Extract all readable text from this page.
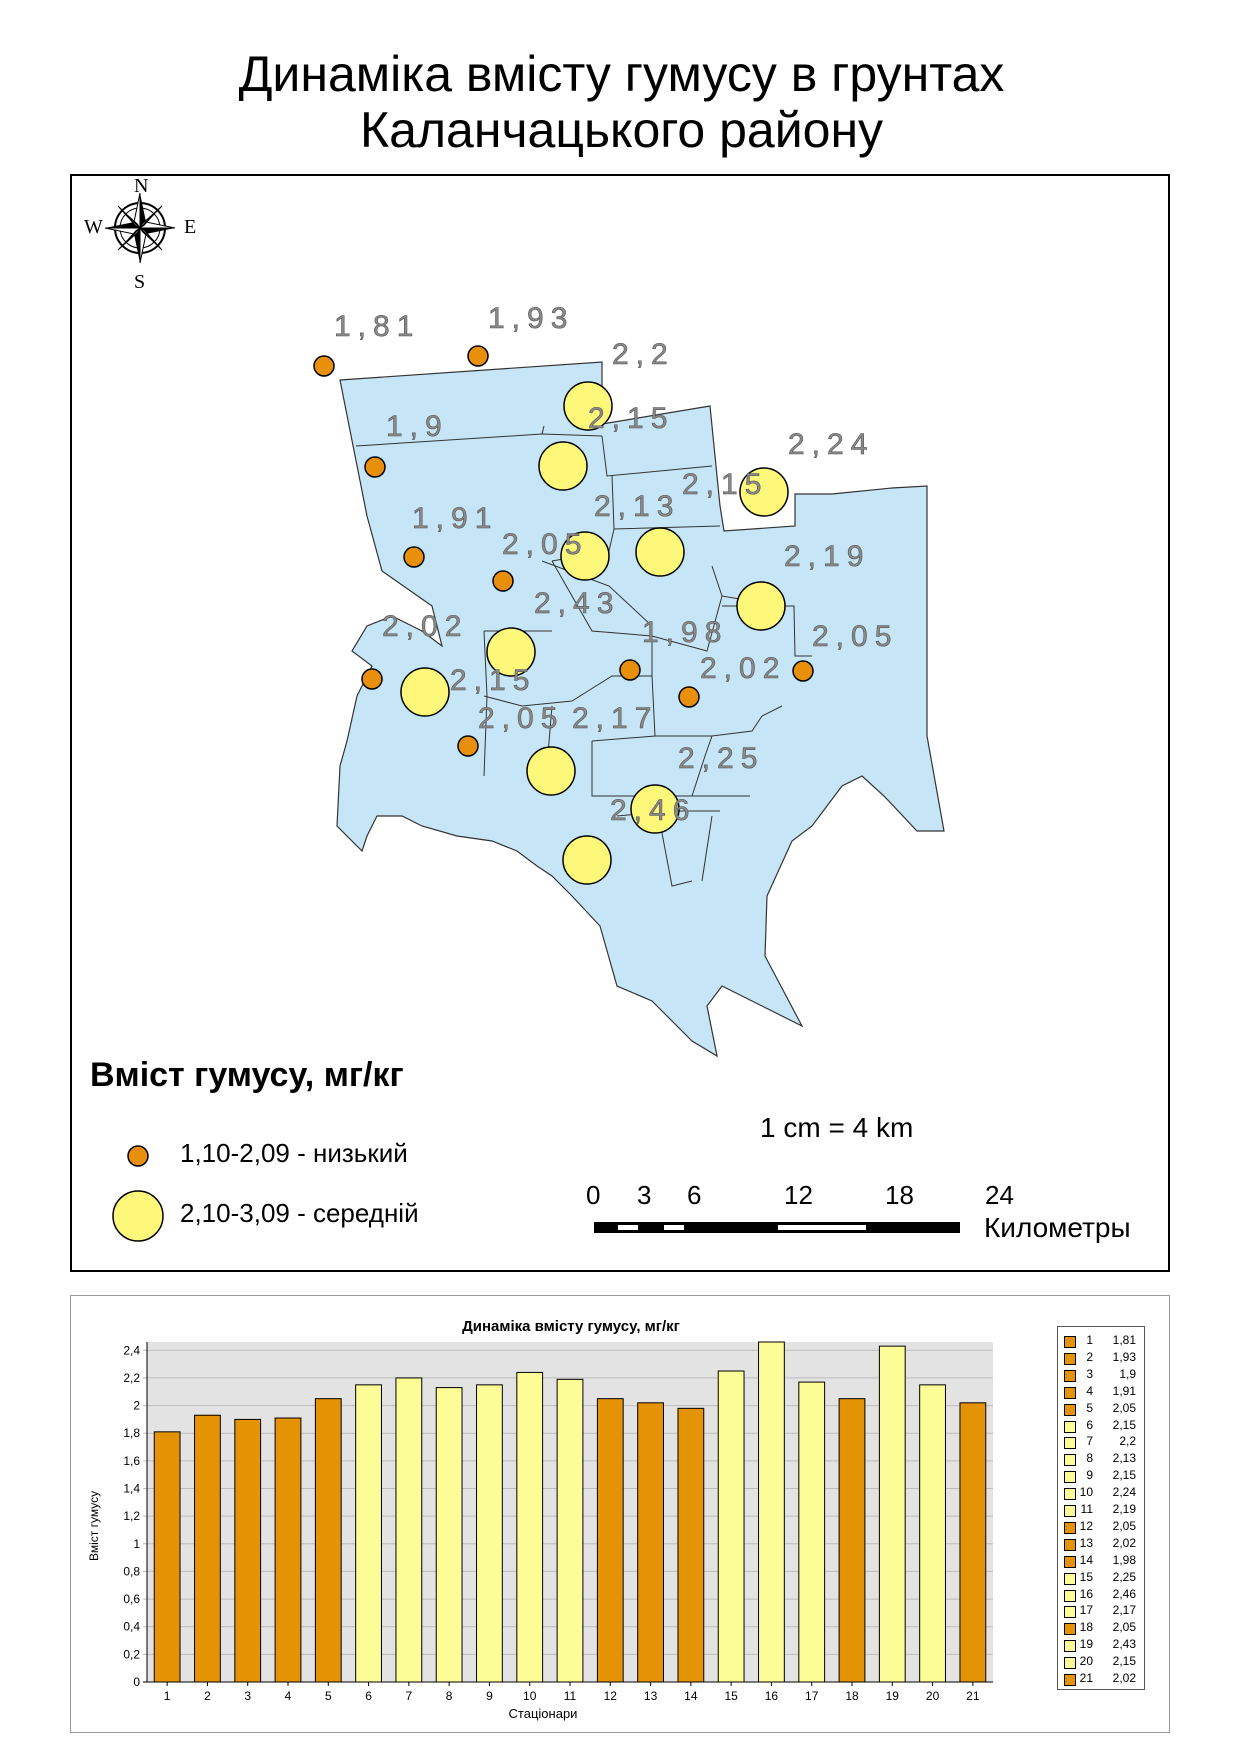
Динаміка вмісту гумусу в грунтах
Каланчацького району
1,81 1,93
2,2
2,15
1,9
2,24
2,13
2,15
1,91
2,05	2,19
2,43
2,02	1,98	2,05
2,15	2,02
2,05 2,17
2,25
2,46
N
S
E
W
Вміст гумусу, мг/кг
1,10-2,09 - низький
2,10-3,09 - середній
1 cm = 4 km
0 3 6	12	18	24
Километры
0
0,2
0,4
0,6
0,8
1
1,2
1,4
1,6
1,8
2
2,2
2,4
1	2	3	4	5	6	7	8	9	10 11 12 13 14 15 16 17 18 19 20 21
Динаміка вмісту гумусу, мг/кг
Вміст гумусу
Стаціонари
1	1,81
2	1,93
3	1,9
4	1,91
5	2,05
6	2,15
7	2,2
8	2,13
9	2,15
10	2,24
11	2,19
12	2,05
13	2,02
14	1,98
15	2,25
16	2,46
17	2,17
18	2,05
19	2,43
20	2,15
21	2,02
